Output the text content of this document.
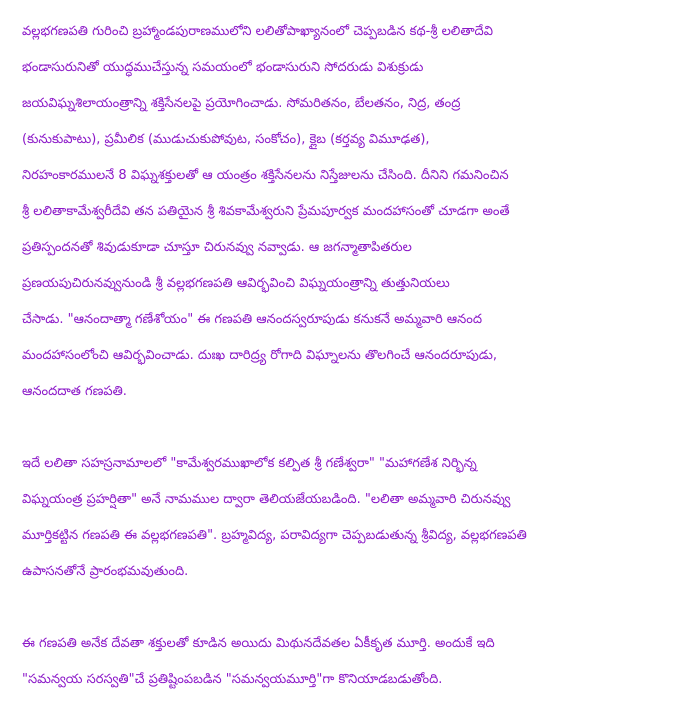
వల్లభగణపతి గురించి బ్రహ్మాండపురాణములోని లలితోపాఖ్యానంలో చెప్పబడిన కథ-శ్రీ లలితాదేవి
భండాసురునితో యుద్ధముచేస్తున్న సమయంలో భండాసురుని సోదరుడు విశుక్రుడు
జయవిఘ్నశిలాయంత్రాన్ని శక్తిసేనలపై ప్రయోగించాడు. సోమరితనం, బేలతనం, నిద్ర, తంద్ర
(కునుకుపాటు), ప్రమీలిక (ముడుచుకుపోవుట, సంకోచం), క్లైబ (కర్తవ్య విమూఢత),
నిరహంకారములనే 8 విఘ్నశక్తులతో ఆ యంత్రం శక్తిసేనలను నిస్తేజులను చేసింది. దీనిని గమనించిన
శ్రీ లలితాకామేశ్వరీదేవి తన పతియైన శ్రీ శివకామేశ్వరుని ప్రేమపూర్వక మందహాసంతో చూడగా అంతే
ప్రతిస్పందనతో శివుడుకూడా చూస్తూ చిరునవ్వు నవ్వాడు. ఆ జగన్మాతాపితరుల
ప్రణయపుచిరునవ్వునుండి శ్రీ వల్లభగణపతి ఆవిర్భవించి విఘ్నయంత్రాన్ని తుత్తునియలు
చేసాడు. "ఆనందాత్మా గణేశోయం" ఈ గణపతి ఆనందస్వరూపుడు కనుకనే అమ్మవారి ఆనంద
మందహాసంలోంచి ఆవిర్భవించాడు. దుఃఖ దారిద్ర్య రోగాది విఘ్నాలను తొలగించే ఆనందరూపుడు,
ఆనందదాత గణపతి.
ఇదే లలితా సహస్రనామాలలో "కామేశ్వరముఖాలోక కల్పిత శ్రీ గణేశ్వరా" "మహాగణేశ నిర్భిన్న
విఘ్నయంత్ర ప్రహర్షితా" అనే నామముల ద్వారా తెలియజేయబడింది. "లలితా అమ్మవారి చిరునవ్వు
మూర్తికట్టిన గణపతి ఈ వల్లభగణపతి". బ్రహ్మవిద్య, పరావిద్యగా చెప్పబడుతున్న శ్రీవిద్య, వల్లభగణపతి
ఉపాసనతోనే ప్రారంభమవుతుంది.
ఈ గణపతి అనేక దేవతా శక్తులతో కూడిన అయిదు మిథునదేవతల ఏకీకృత మూర్తి. అందుకే ఇది
"సమన్వయ సరస్వతి"చే ప్రతిష్టింపబడిన "సమన్వయమూర్తి"గా కొనియాడబడుతోంది.
